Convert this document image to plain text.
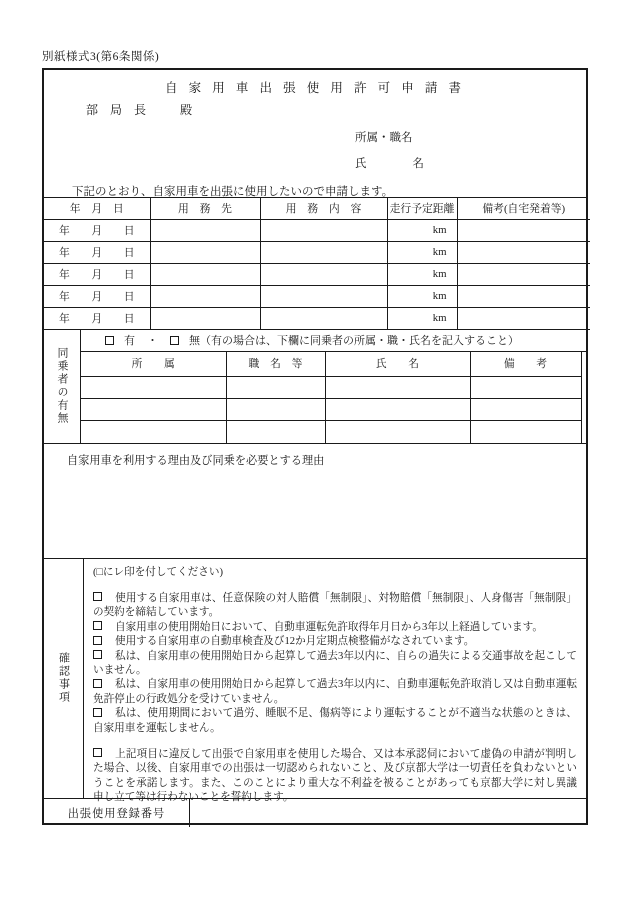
別紙様式3(第6条関係)
自 家 用 車 出 張 使 用 許 可 申 請 書
部　局　長	殿
所属・職名
氏　　　　名
下記のとおり、自家用車を出張に使用したいので申請します。
年　月　日	用　務　先	用　務　内　容	走行予定距離	備考(自宅発着等)
年　　月　　日			km	
年　　月　　日			km	
年　　月　　日			km	
年　　月　　日			km	
年　　月　　日			km	
同乗者の有無
有 ・	無 （有の場合は、下欄に同乗者の所属・職・氏名を記入すること）
所　　属	職　名　等	氏　　名	備　　考

自家用車を利用する理由及び同乗を必要とする理由
確認事項

(□にレ印を付してください)

使用する自家用車は、任意保険の対人賠償「無制限」、対物賠償「無制限」、人身傷害「無制限」の契約を締結しています。

自家用車の使用開始日において、自動車運転免許取得年月日から3年以上経過しています。

使用する自家用車の自動車検査及び12か月定期点検整備がなされています。

私は、自家用車の使用開始日から起算して過去3年以内に、自らの過失による交通事故を起こしていません。

私は、自家用車の使用開始日から起算して過去3年以内に、自動車運転免許取消し又は自動車運転免許停止の行政処分を受けていません。

私は、使用期間において過労、睡眠不足、傷病等により運転することが不適当な状態のときは、自家用車を運転しません。

上記項目に違反して出張で自家用車を使用した場合、又は本承認伺において虚偽の申請が判明した場合、以後、自家用車での出張は一切認められないこと、及び京都大学は一切責任を負わないということを承諾します。また、このことにより重大な不利益を被ることがあっても京都大学に対し異議申し立て等は行わないことを誓約します。

出張使用登録番号
